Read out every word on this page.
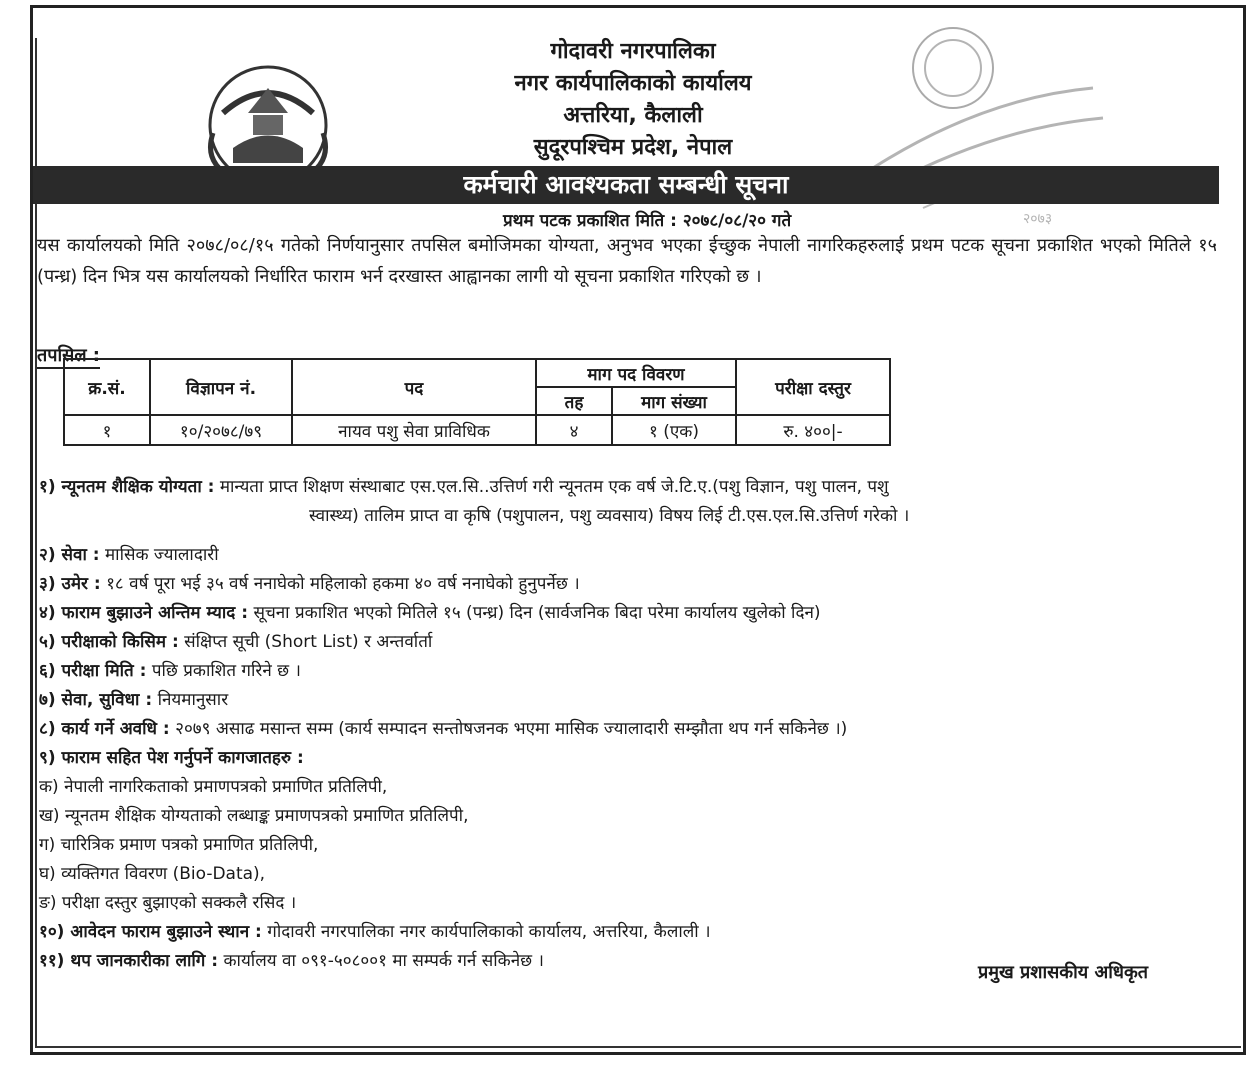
२०७३
गोदावरी नगरपालिका
नगर कार्यपालिकाको कार्यालय
अत्तरिया, कैलाली
सुदूरपश्चिम प्रदेश, नेपाल
कर्मचारी आवश्यकता सम्बन्धी सूचना
प्रथम पटक प्रकाशित मिति : २०७८/०८/२० गते
यस कार्यालयको मिति २०७८/०८/१५ गतेको निर्णयानुसार तपसिल बमोजिमका योग्यता, अनुभव भएका ईच्छुक नेपाली नागरिकहरुलाई प्रथम पटक सूचना प्रकाशित भएको मितिले १५ (पन्ध्र) दिन भित्र यस कार्यालयको निर्धारित फाराम भर्न दरखास्त आह्वानका लागी यो सूचना प्रकाशित गरिएको छ ।
तपसिल :
क्र.सं.	विज्ञापन नं.	पद	माग पद विवरण		परीक्षा दस्तुर
			तह	माग संख्या	
१	१०/२०७८/७९	नायव पशु सेवा प्राविधिक	४	१ (एक)	रु. ४००|-
१) न्यूनतम शैक्षिक योग्यता : मान्यता प्राप्त शिक्षण संस्थाबाट एस.एल.सि..उत्तिर्ण गरी न्यूनतम एक वर्ष जे.टि.ए.(पशु विज्ञान, पशु पालन, पशु
स्वास्थ्य) तालिम प्राप्त वा कृषि (पशुपालन, पशु व्यवसाय) विषय लिई टी.एस.एल.सि.उत्तिर्ण गरेको ।
२) सेवा : मासिक ज्यालादारी
३) उमेर : १८ वर्ष पूरा भई ३५ वर्ष ननाघेको महिलाको हकमा ४० वर्ष ननाघेको हुनुपर्नेछ ।
४) फाराम बुझाउने अन्तिम म्याद : सूचना प्रकाशित भएको मितिले १५ (पन्ध्र) दिन (सार्वजनिक बिदा परेमा कार्यालय खुलेको दिन)
५) परीक्षाको किसिम : संक्षिप्त सूची (Short List) र अन्तर्वार्ता
६) परीक्षा मिति : पछि प्रकाशित गरिने छ ।
७) सेवा, सुविधा : नियमानुसार
८) कार्य गर्ने अवधि : २०७९ असाढ मसान्त सम्म (कार्य सम्पादन सन्तोषजनक भएमा मासिक ज्यालादारी सम्झौता थप गर्न सकिनेछ ।)
९) फाराम सहित पेश गर्नुपर्ने कागजातहरु :
क) नेपाली नागरिकताको प्रमाणपत्रको प्रमाणित प्रतिलिपी,
ख) न्यूनतम शैक्षिक योग्यताको लब्धाङ्क प्रमाणपत्रको प्रमाणित प्रतिलिपी,
ग) चारित्रिक प्रमाण पत्रको प्रमाणित प्रतिलिपी,
घ) व्यक्तिगत विवरण (Bio-Data),
ङ) परीक्षा दस्तुर बुझाएको सक्कलै रसिद ।
१०) आवेदन फाराम बुझाउने स्थान : गोदावरी नगरपालिका नगर कार्यपालिकाको कार्यालय, अत्तरिया, कैलाली ।
११) थप जानकारीका लागि : कार्यालय वा ०९१-५०८००१ मा सम्पर्क गर्न सकिनेछ ।
प्रमुख प्रशासकीय अधिकृत
